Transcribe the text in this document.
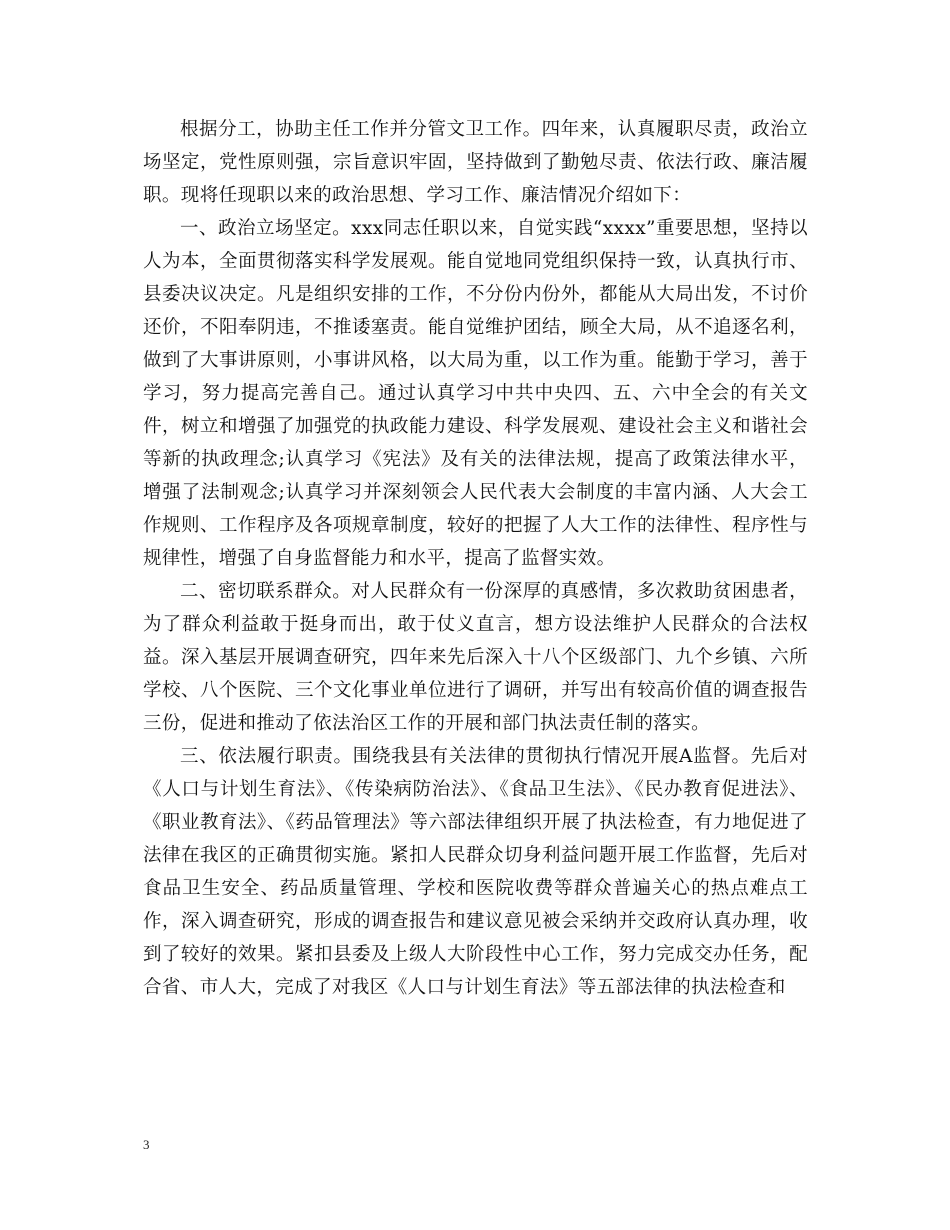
根据分工，协助主任工作并分管文卫工作。四年来，认真履职尽责，政治立场坚定，党性原则强，宗旨意识牢固，坚持做到了勤勉尽责、依法行政、廉洁履职。现将任现职以来的政治思想、学习工作、廉洁情况介绍如下：

一、政治立场坚定。xxx同志任职以来，自觉实践“xxxx”重要思想，坚持以人为本，全面贯彻落实科学发展观。能自觉地同党组织保持一致，认真执行市、县委决议决定。凡是组织安排的工作，不分份内份外，都能从大局出发，不讨价还价，不阳奉阴违，不推诿塞责。能自觉维护团结，顾全大局，从不追逐名利，做到了大事讲原则，小事讲风格，以大局为重，以工作为重。能勤于学习，善于学习，努力提高完善自己。通过认真学习中共中央四、五、六中全会的有关文件，树立和增强了加强党的执政能力建设、科学发展观、建设社会主义和谐社会等新的执政理念;认真学习《宪法》及有关的法律法规，提高了政策法律水平，增强了法制观念;认真学习并深刻领会人民代表大会制度的丰富内涵、人大会工作规则、工作程序及各项规章制度，较好的把握了人大工作的法律性、程序性与规律性，增强了自身监督能力和水平，提高了监督实效。

二、密切联系群众。对人民群众有一份深厚的真感情，多次救助贫困患者，为了群众利益敢于挺身而出，敢于仗义直言，想方设法维护人民群众的合法权益。深入基层开展调查研究，四年来先后深入十八个区级部门、九个乡镇、六所学校、八个医院、三个文化事业单位进行了调研，并写出有较高价值的调查报告三份，促进和推动了依法治区工作的开展和部门执法责任制的落实。

三、依法履行职责。围绕我县有关法律的贯彻执行情况开展A监督。先后对《人口与计划生育法》、《传染病防治法》、《食品卫生法》、《民办教育促进法》、《职业教育法》、《药品管理法》等六部法律组织开展了执法检查，有力地促进了法律在我区的正确贯彻实施。紧扣人民群众切身利益问题开展工作监督，先后对食品卫生安全、药品质量管理、学校和医院收费等群众普遍关心的热点难点工作，深入调查研究，形成的调查报告和建议意见被会采纳并交政府认真办理，收到了较好的效果。紧扣县委及上级人大阶段性中心工作，努力完成交办任务，配合省、市人大，完成了对我区《人口与计划生育法》等五部法律的执法检查和

3
